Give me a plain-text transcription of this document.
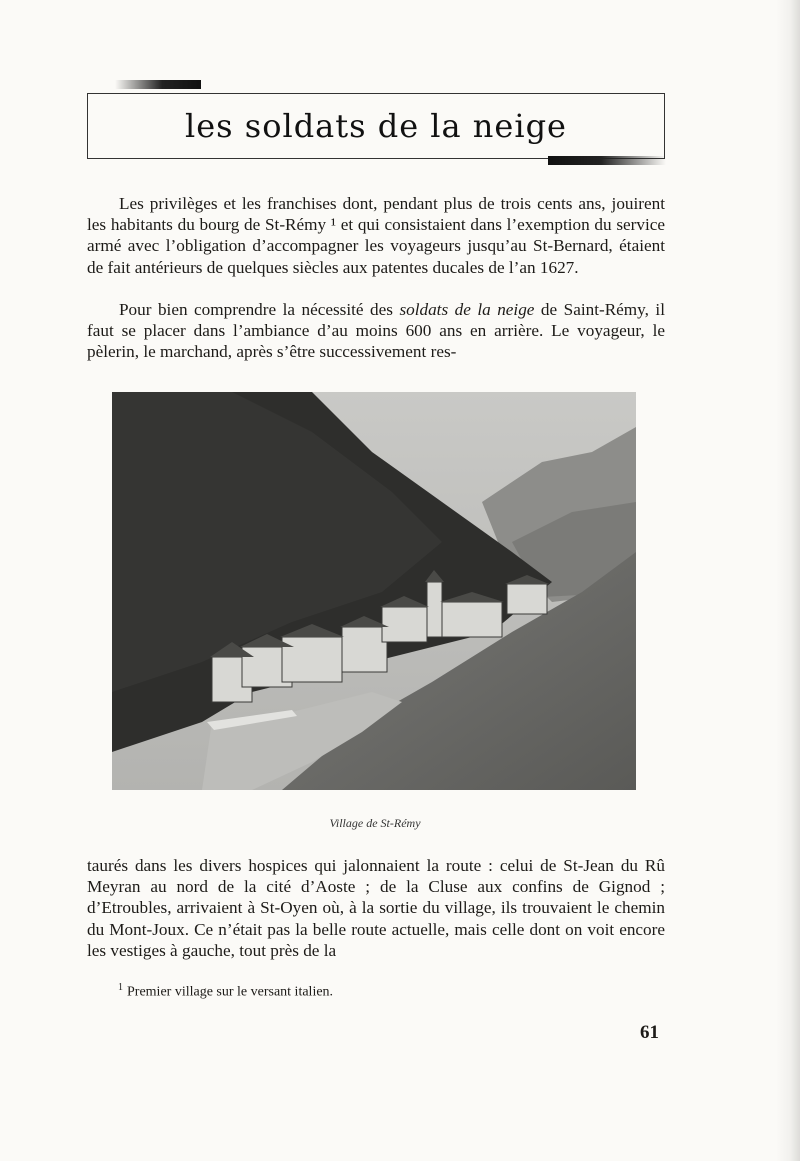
les soldats de la neige

Les privilèges et les franchises dont, pendant plus de trois cents ans, jouirent les habitants du bourg de St-Rémy ¹ et qui consistaient dans l’exemption du service armé avec l’obligation d’accompagner les voyageurs jusqu’au St-Bernard, étaient de fait antérieurs de quelques siècles aux patentes ducales de l’an 1627.

Pour bien comprendre la nécessité des soldats de la neige de Saint-Rémy, il faut se placer dans l’ambiance d’au moins 600 ans en arrière. Le voyageur, le pèlerin, le marchand, après s’être successivement res-

Village de St-Rémy

taurés dans les divers hospices qui jalonnaient la route : celui de St-Jean du Rû Meyran au nord de la cité d’Aoste ; de la Cluse aux confins de Gignod ; d’Etroubles, arrivaient à St-Oyen où, à la sortie du village, ils trouvaient le chemin du Mont-Joux. Ce n’était pas la belle route actuelle, mais celle dont on voit encore les vestiges à gauche, tout près de la

$^1$ Premier village sur le versant italien.
61
